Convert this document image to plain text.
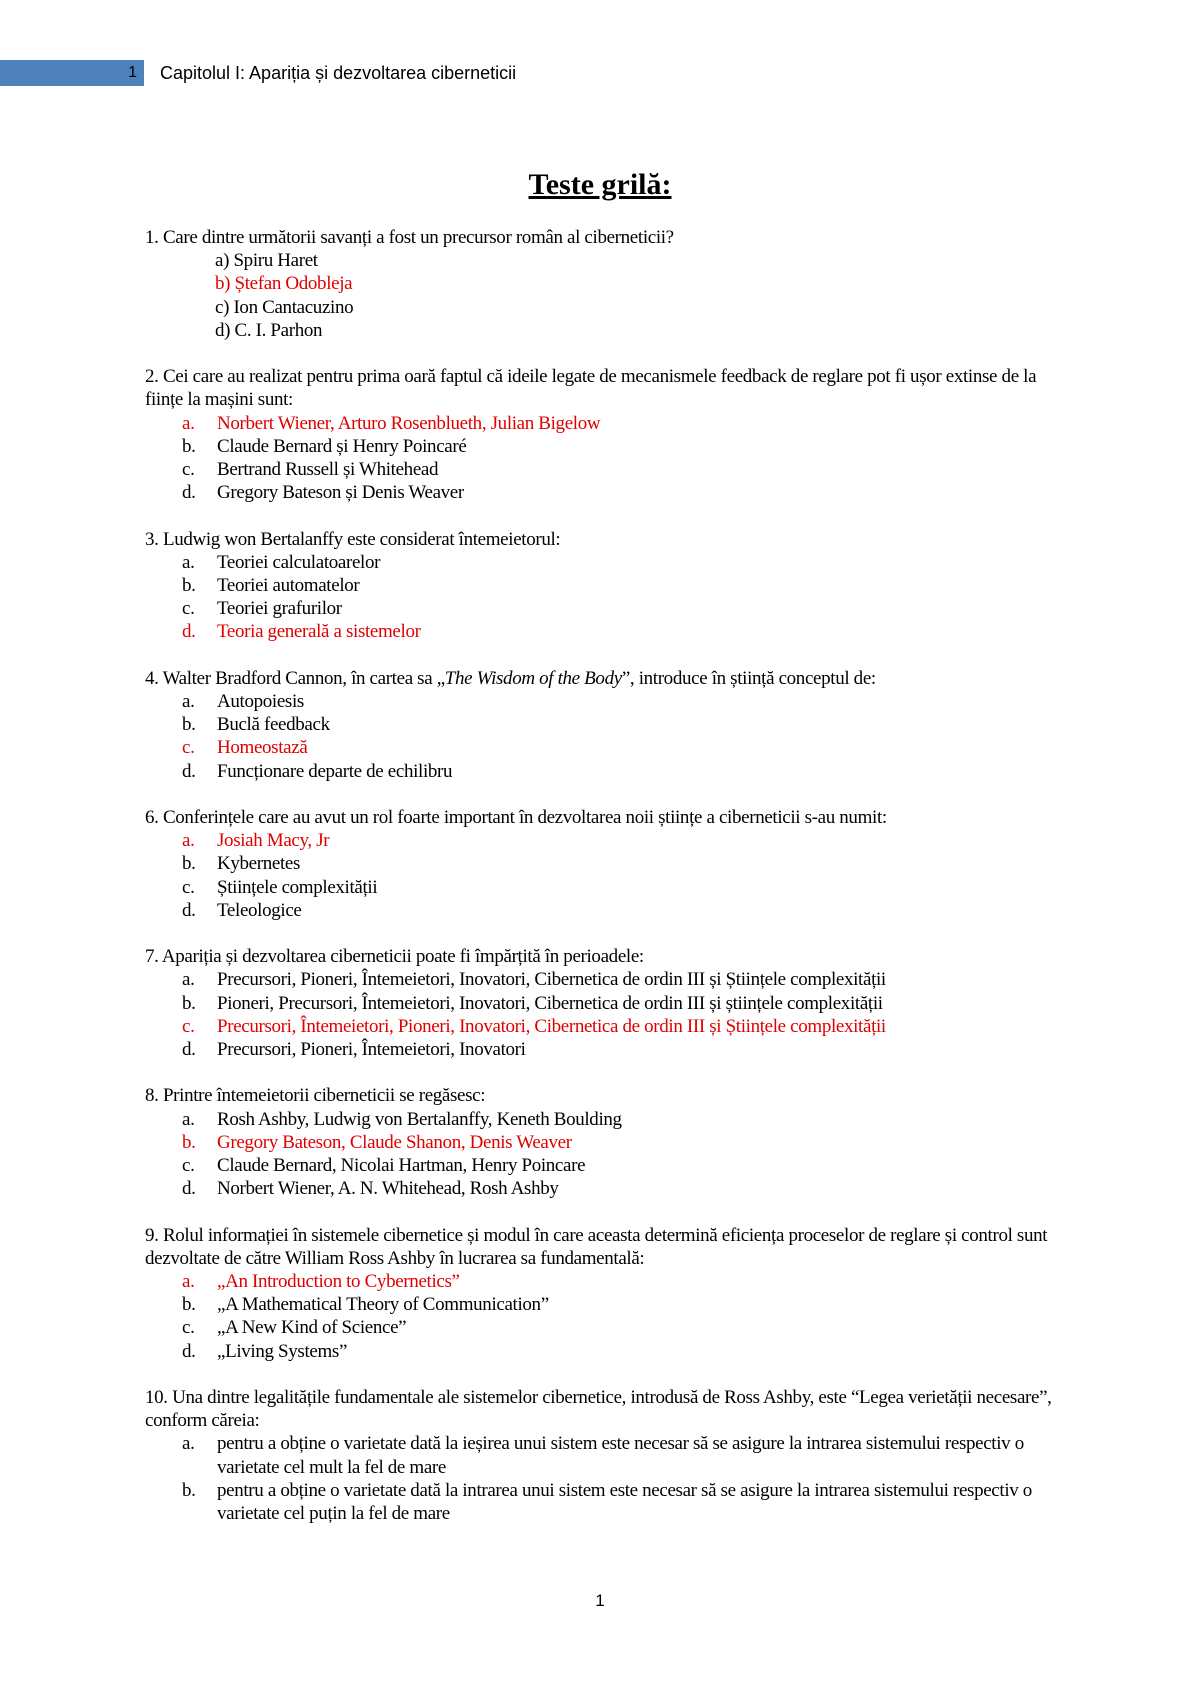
1 Capitolul I: Apariția și dezvoltarea ciberneticii
Teste grilă:

1. Care dintre următorii savanți a fost un precursor român al ciberneticii?

a) Spiru Haret

b) Ștefan Odobleja

c) Ion Cantacuzino

d) C. I. Parhon

2. Cei care au realizat pentru prima oară faptul că ideile legate de mecanismele feedback de reglare pot fi ușor extinse de la ființe la mașini sunt:

a. Norbert Wiener, Arturo Rosenblueth, Julian Bigelow

b. Claude Bernard și Henry Poincaré

c. Bertrand Russell și Whitehead

d. Gregory Bateson și Denis Weaver

3. Ludwig won Bertalanffy este considerat întemeietorul:

a. Teoriei calculatoarelor

b. Teoriei automatelor

c. Teoriei grafurilor

d. Teoria generală a sistemelor

4. Walter Bradford Cannon, în cartea sa „The Wisdom of the Body”, introduce în știință conceptul de:

a. Autopoiesis

b. Buclă feedback

c. Homeostază

d. Funcționare departe de echilibru

6. Conferințele care au avut un rol foarte important în dezvoltarea noii științe a ciberneticii s-au numit:

a. Josiah Macy, Jr

b. Kybernetes

c. Științele complexității

d. Teleologice

7. Apariția și dezvoltarea ciberneticii poate fi împărțită în perioadele:

a. Precursori, Pioneri, Întemeietori, Inovatori, Cibernetica de ordin III și Științele complexității

b. Pioneri, Precursori, Întemeietori, Inovatori, Cibernetica de ordin III și științele complexității

c. Precursori, Întemeietori, Pioneri, Inovatori, Cibernetica de ordin III și Științele complexității

d. Precursori, Pioneri, Întemeietori, Inovatori

8. Printre întemeietorii ciberneticii se regăsesc:

a. Rosh Ashby, Ludwig von Bertalanffy, Keneth Boulding

b. Gregory Bateson, Claude Shanon, Denis Weaver

c. Claude Bernard, Nicolai Hartman, Henry Poincare

d. Norbert Wiener, A. N. Whitehead, Rosh Ashby

9. Rolul informației în sistemele cibernetice și modul în care aceasta determină eficiența proceselor de reglare și control sunt dezvoltate de către William Ross Ashby în lucrarea sa fundamentală:

a. „An Introduction to Cybernetics”

b. „A Mathematical Theory of Communication”

c. „A New Kind of Science”

d. „Living Systems”

10. Una dintre legalitățile fundamentale ale sistemelor cibernetice, introdusă de Ross Ashby, este “Legea verietății necesare”, conform căreia:

a. pentru a obține o varietate dată la ieșirea unui sistem este necesar să se asigure la intrarea sistemului respectiv o varietate cel mult la fel de mare

b. pentru a obține o varietate dată la intrarea unui sistem este necesar să se asigure la intrarea sistemului respectiv o varietate cel puțin la fel de mare

1
